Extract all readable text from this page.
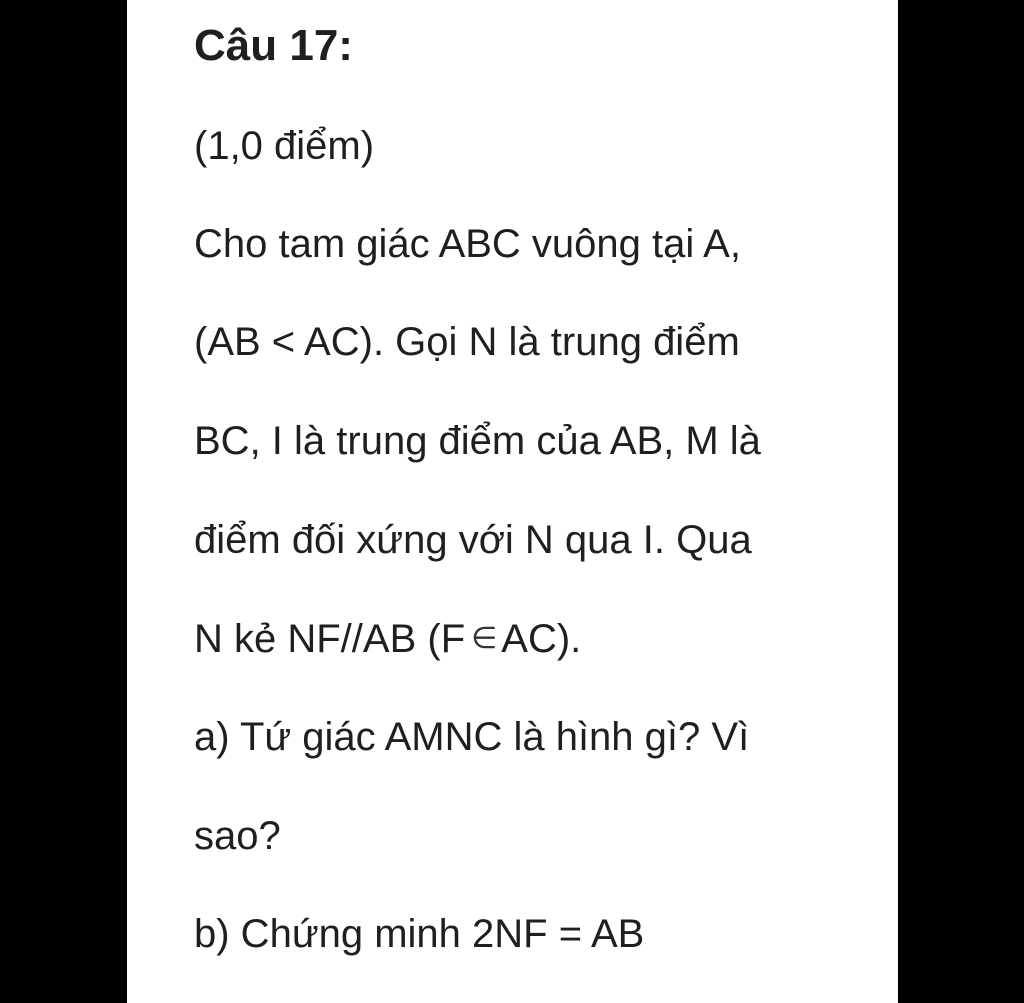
Câu 17:
(1,0 điểm)
Cho tam giác ABC vuông tại A,
(AB < AC). Gọi N là trung điểm
BC, I là trung điểm của AB, M là
điểm đối xứng với N qua I. Qua
N kẻ NF//AB (F ∈ AC).
a) Tứ giác AMNC là hình gì? Vì
sao?
b) Chứng minh 2NF = AB
